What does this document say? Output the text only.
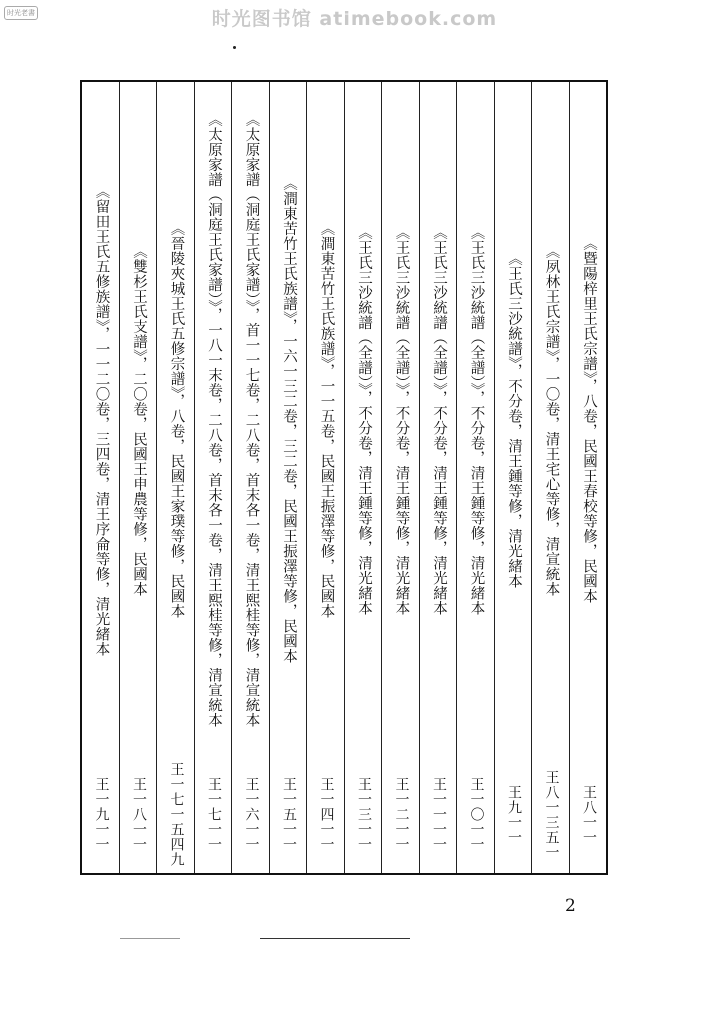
时光图书馆 atimebook.com
时光老書
《暨陽梓里王氏宗譜》，八卷，民國王春校等修，民國本
王八一一
《夙林王氏宗譜》，一〇卷，清王宅心等修，清宣統本
王八一三五一
《王氏三沙統譜》，不分卷，清王鍾等修，清光緒本
王九一一
《王氏三沙統譜（全譜）》，不分卷，清王鍾等修，清光緒本
王一〇一一
《王氏三沙統譜（全譜）》，不分卷，清王鍾等修，清光緒本
王一一一一
《王氏三沙統譜（全譜）》，不分卷，清王鍾等修，清光緒本
王一二一一
《王氏三沙統譜（全譜）》，不分卷，清王鍾等修，清光緒本
王一三一一
《澗東苦竹王氏族譜》，一一五卷，民國王振澤等修，民國本
王一四一一
《澗東苦竹王氏族譜》，一六一三二卷，三二卷，民國王振澤等修，民國本
王一五一一
《太原家譜（洞庭王氏家譜）》，首一一七卷，二八卷，首末各一卷，清王熙桂等修，清宣統本
王一六一一
《太原家譜（洞庭王氏家譜）》，一八一末卷，二八卷，首末各一卷，清王熙桂等修，清宣統本
王一七一一
《晉陵夾城王氏五修宗譜》，八卷，民國王家璞等修，民國本
王一七一五四九
《雙杉王氏支譜》，二〇卷，民國王申農等修，民國本
王一八一一
《留田王氏五修族譜》，一一二〇卷，三四卷，清王序侖等修，清光緒本
王一九一一
2
